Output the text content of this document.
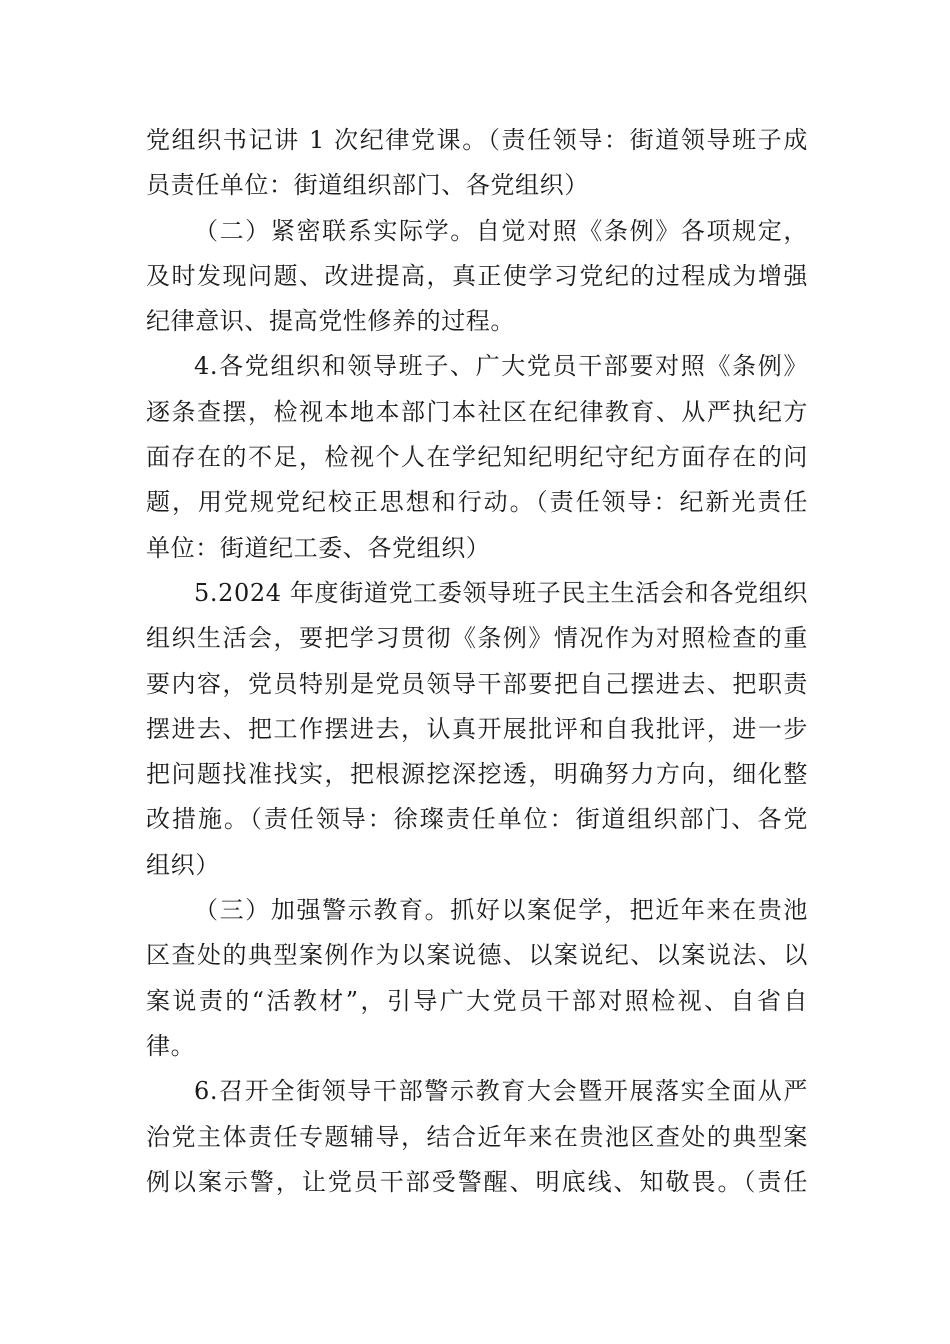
党组织书记讲 1 次纪律党课。（责任领导：街道领导班子成
员责任单位：街道组织部门、各党组织）
（二）紧密联系实际学。自觉对照《条例》各项规定，
及时发现问题、改进提高，真正使学习党纪的过程成为增强
纪律意识、提高党性修养的过程。
4.各党组织和领导班子、广大党员干部要对照《条例》
逐条查摆，检视本地本部门本社区在纪律教育、从严执纪方
面存在的不足，检视个人在学纪知纪明纪守纪方面存在的问
题，用党规党纪校正思想和行动。（责任领导：纪新光责任
单位：街道纪工委、各党组织）
5.2024 年度街道党工委领导班子民主生活会和各党组织
组织生活会，要把学习贯彻《条例》情况作为对照检查的重
要内容，党员特别是党员领导干部要把自己摆进去、把职责
摆进去、把工作摆进去，认真开展批评和自我批评，进一步
把问题找准找实，把根源挖深挖透，明确努力方向，细化整
改措施。（责任领导：徐璨责任单位：街道组织部门、各党
组织）
（三）加强警示教育。抓好以案促学，把近年来在贵池
区查处的典型案例作为以案说德、以案说纪、以案说法、以
案说责的“活教材”，引导广大党员干部对照检视、自省自
律。
6.召开全街领导干部警示教育大会暨开展落实全面从严
治党主体责任专题辅导，结合近年来在贵池区查处的典型案
例以案示警，让党员干部受警醒、明底线、知敬畏。（责任
